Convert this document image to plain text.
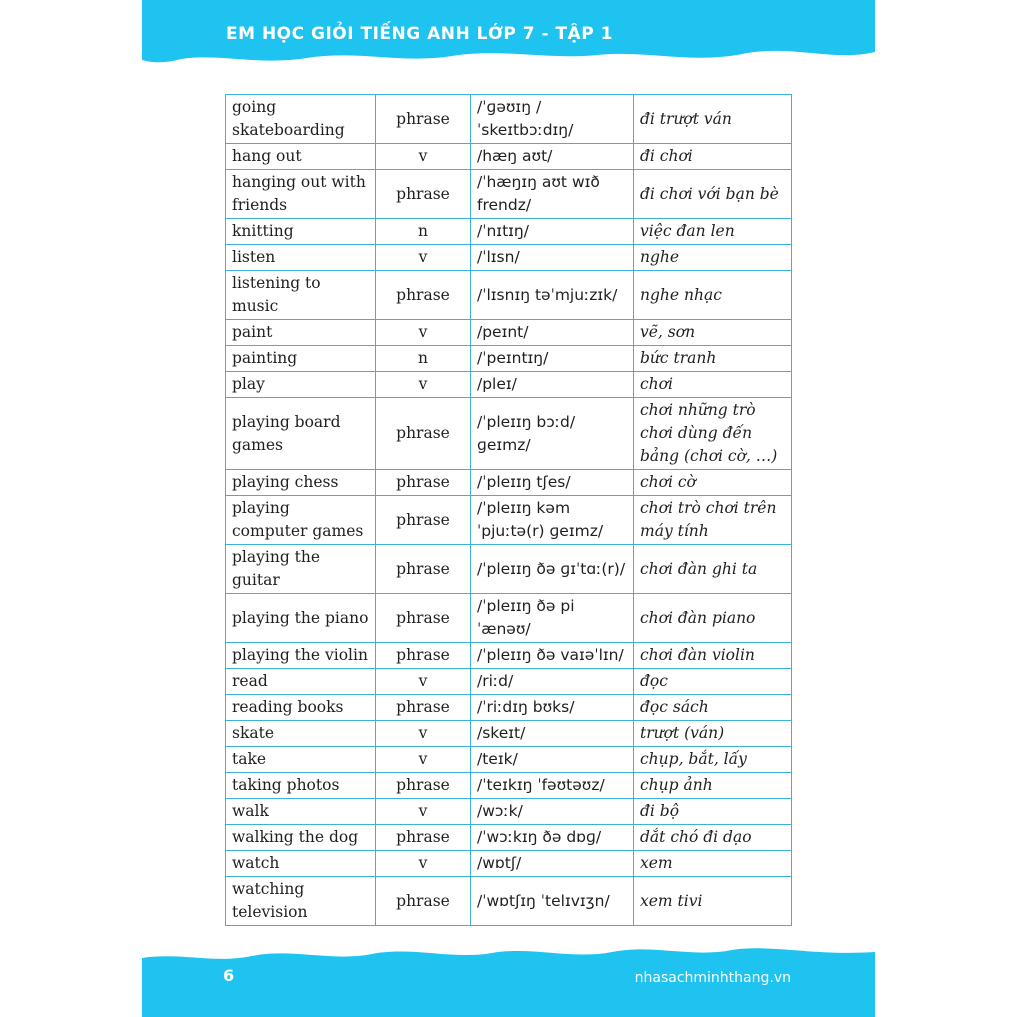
EM HỌC GIỎI TIẾNG ANH LỚP 7 - TẬP 1
going skateboarding	phrase	/ˈɡəʊɪŋ / ˈskeɪtbɔːdɪŋ/	đi trượt ván
hang out	v	/hæŋ aʊt/	đi chơi
hanging out with friends	phrase	/ˈhæŋɪŋ aʊt wɪð frendz/	đi chơi với bạn bè
knitting	n	/ˈnɪtɪŋ/	việc đan len
listen	v	/ˈlɪsn/	nghe
listening to music	phrase	/ˈlɪsnɪŋ təˈmjuːzɪk/	nghe nhạc
paint	v	/peɪnt/	vẽ, sơn
painting	n	/ˈpeɪntɪŋ/	bức tranh
play	v	/pleɪ/	chơi
playing board games	phrase	/ˈpleɪɪŋ bɔːd/ ɡeɪmz/	chơi những trò chơi dùng đến bảng (chơi cờ, …)
playing chess	phrase	/ˈpleɪɪŋ tʃes/	chơi cờ
playing computer games	phrase	/ˈpleɪɪŋ kəmˈpjuːtə(r) ɡeɪmz/	chơi trò chơi trên máy tính
playing the guitar	phrase	/ˈpleɪɪŋ ðə ɡɪˈtɑː(r)/	chơi đàn ghi ta
playing the piano	phrase	/ˈpleɪɪŋ ðə piˈænəʊ/	chơi đàn piano
playing the violin	phrase	/ˈpleɪɪŋ ðə vaɪəˈlɪn/	chơi đàn violin
read	v	/riːd/	đọc
reading books	phrase	/ˈriːdɪŋ bʊks/	đọc sách
skate	v	/skeɪt/	trượt (ván)
take	v	/teɪk/	chụp, bắt, lấy
taking photos	phrase	/ˈteɪkɪŋ ˈfəʊtəʊz/	chụp ảnh
walk	v	/wɔːk/	đi bộ
walking the dog	phrase	/ˈwɔːkɪŋ ðə dɒɡ/	dắt chó đi dạo
watch	v	/wɒtʃ/	xem
watching television	phrase	/ˈwɒtʃɪŋ ˈtelɪvɪʒn/	xem tivi
6	nhasachminhthang.vn
